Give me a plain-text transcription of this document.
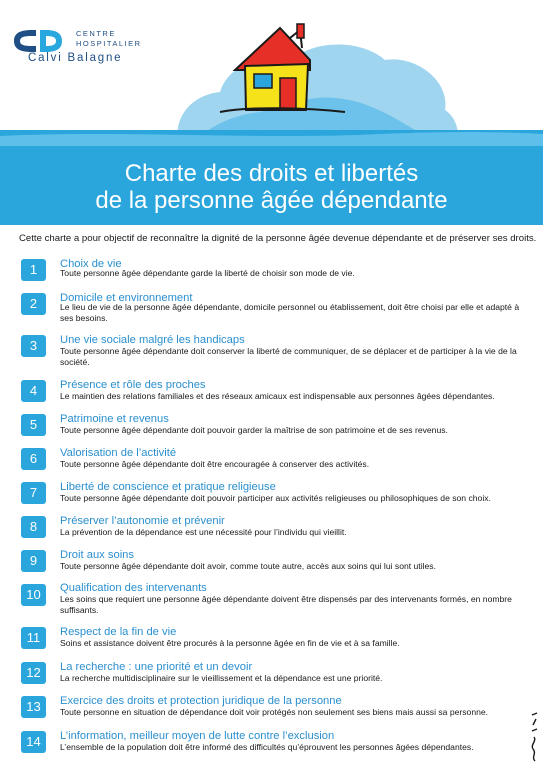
CENTRE
HOSPITALIER
Calvi Balagne
Charte des droits et libertés
de la personne âgée dépendante
Cette charte a pour objectif de reconnaître la dignité de la personne âgée devenue dépendante et de préserver ses droits.
1	Choix de vie
Toute personne âgée dépendante garde la liberté de choisir son mode de vie.
2	Domicile et environnement
Le lieu de vie de la personne âgée dépendante, domicile personnel ou établissement, doit être choisi par elle et adapté à ses besoins.
3	Une vie sociale malgré les handicaps
Toute personne âgée dépendante doit conserver la liberté de communiquer, de se déplacer et de participer à la vie de la société.
4	Présence et rôle des proches
Le maintien des relations familiales et des réseaux amicaux est indispensable aux personnes âgées dépendantes.
5	Patrimoine et revenus
Toute personne âgée dépendante doit pouvoir garder la maîtrise de son patrimoine et de ses revenus.
6	Valorisation de l’activité
Toute personne âgée dépendante doit être encouragée à conserver des activités.
7	Liberté de conscience et pratique religieuse
Toute personne âgée dépendante doit pouvoir participer aux activités religieuses ou philosophiques de son choix.
8	Préserver l’autonomie et prévenir
La prévention de la dépendance est une nécessité pour l’individu qui vieillit.
9	Droit aux soins
Toute personne âgée dépendante doit avoir, comme toute autre, accès aux soins qui lui sont utiles.
10	Qualification des intervenants
Les soins que requiert une personne âgée dépendante doivent être dispensés par des intervenants formés, en nombre suffisants.
11	Respect de la fin de vie
Soins et assistance doivent être procurés à la personne âgée en fin de vie et à sa famille.
12	La recherche : une priorité et un devoir
La recherche multidisciplinaire sur le vieillissement et la dépendance est une priorité.
13	Exercice des droits et protection juridique de la personne
Toute personne en situation de dépendance doit voir protégés non seulement ses biens mais aussi sa personne.
14	L’information, meilleur moyen de lutte contre l’exclusion
L’ensemble de la population doit être informé des difficultés qu’éprouvent les personnes âgées dépendantes.
